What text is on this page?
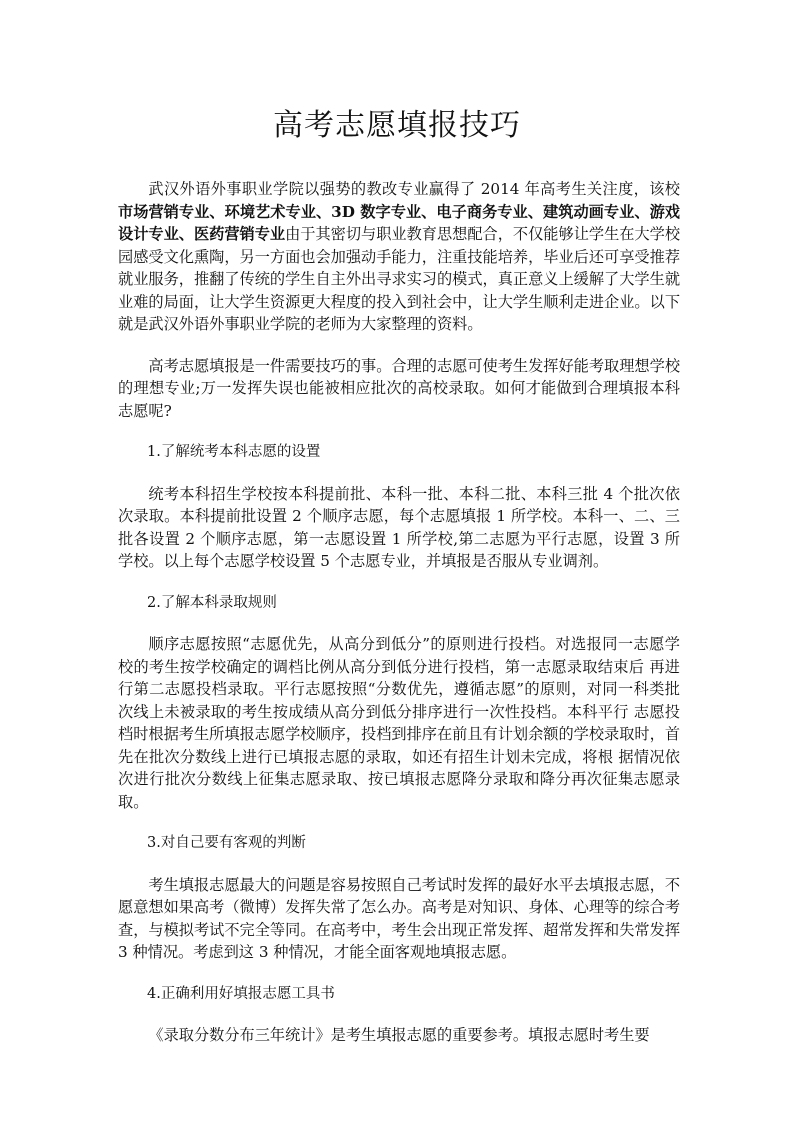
高考志愿填报技巧

武汉外语外事职业学院以强势的教改专业赢得了 2014 年高考生关注度，该校市场营销专业、环境艺术专业、3D 数字专业、电子商务专业、建筑动画专业、游戏设计专业、医药营销专业由于其密切与职业教育思想配合，不仅能够让学生在大学校园感受文化熏陶，另一方面也会加强动手能力，注重技能培养，毕业后还可享受推荐就业服务，推翻了传统的学生自主外出寻求实习的模式，真正意义上缓解了大学生就业难的局面，让大学生资源更大程度的投入到社会中，让大学生顺利走进企业。以下就是武汉外语外事职业学院的老师为大家整理的资料。

高考志愿填报是一件需要技巧的事。合理的志愿可使考生发挥好能考取理想学校的理想专业;万一发挥失误也能被相应批次的高校录取。如何才能做到合理填报本科志愿呢?

1.了解统考本科志愿的设置

统考本科招生学校按本科提前批、本科一批、本科二批、本科三批 4 个批次依次录取。本科提前批设置 2 个顺序志愿，每个志愿填报 1 所学校。本科一、二、三批各设置 2 个顺序志愿，第一志愿设置 1 所学校,第二志愿为平行志愿，设置 3 所学校。以上每个志愿学校设置 5 个志愿专业，并填报是否服从专业调剂。

2.了解本科录取规则

顺序志愿按照“志愿优先，从高分到低分”的原则进行投档。对选报同一志愿学校的考生按学校确定的调档比例从高分到低分进行投档，第一志愿录取结束后 再进行第二志愿投档录取。平行志愿按照“分数优先，遵循志愿”的原则，对同一科类批次线上未被录取的考生按成绩从高分到低分排序进行一次性投档。本科平行 志愿投档时根据考生所填报志愿学校顺序，投档到排序在前且有计划余额的学校录取时，首先在批次分数线上进行已填报志愿的录取，如还有招生计划未完成，将根 据情况依次进行批次分数线上征集志愿录取、按已填报志愿降分录取和降分再次征集志愿录取。

3.对自己要有客观的判断

考生填报志愿最大的问题是容易按照自己考试时发挥的最好水平去填报志愿，不愿意想如果高考（微博）发挥失常了怎么办。高考是对知识、身体、心理等的综合考查，与模拟考试不完全等同。在高考中，考生会出现正常发挥、超常发挥和失常发挥 3 种情况。考虑到这 3 种情况，才能全面客观地填报志愿。

4.正确利用好填报志愿工具书

《录取分数分布三年统计》是考生填报志愿的重要参考。填报志愿时考生要
